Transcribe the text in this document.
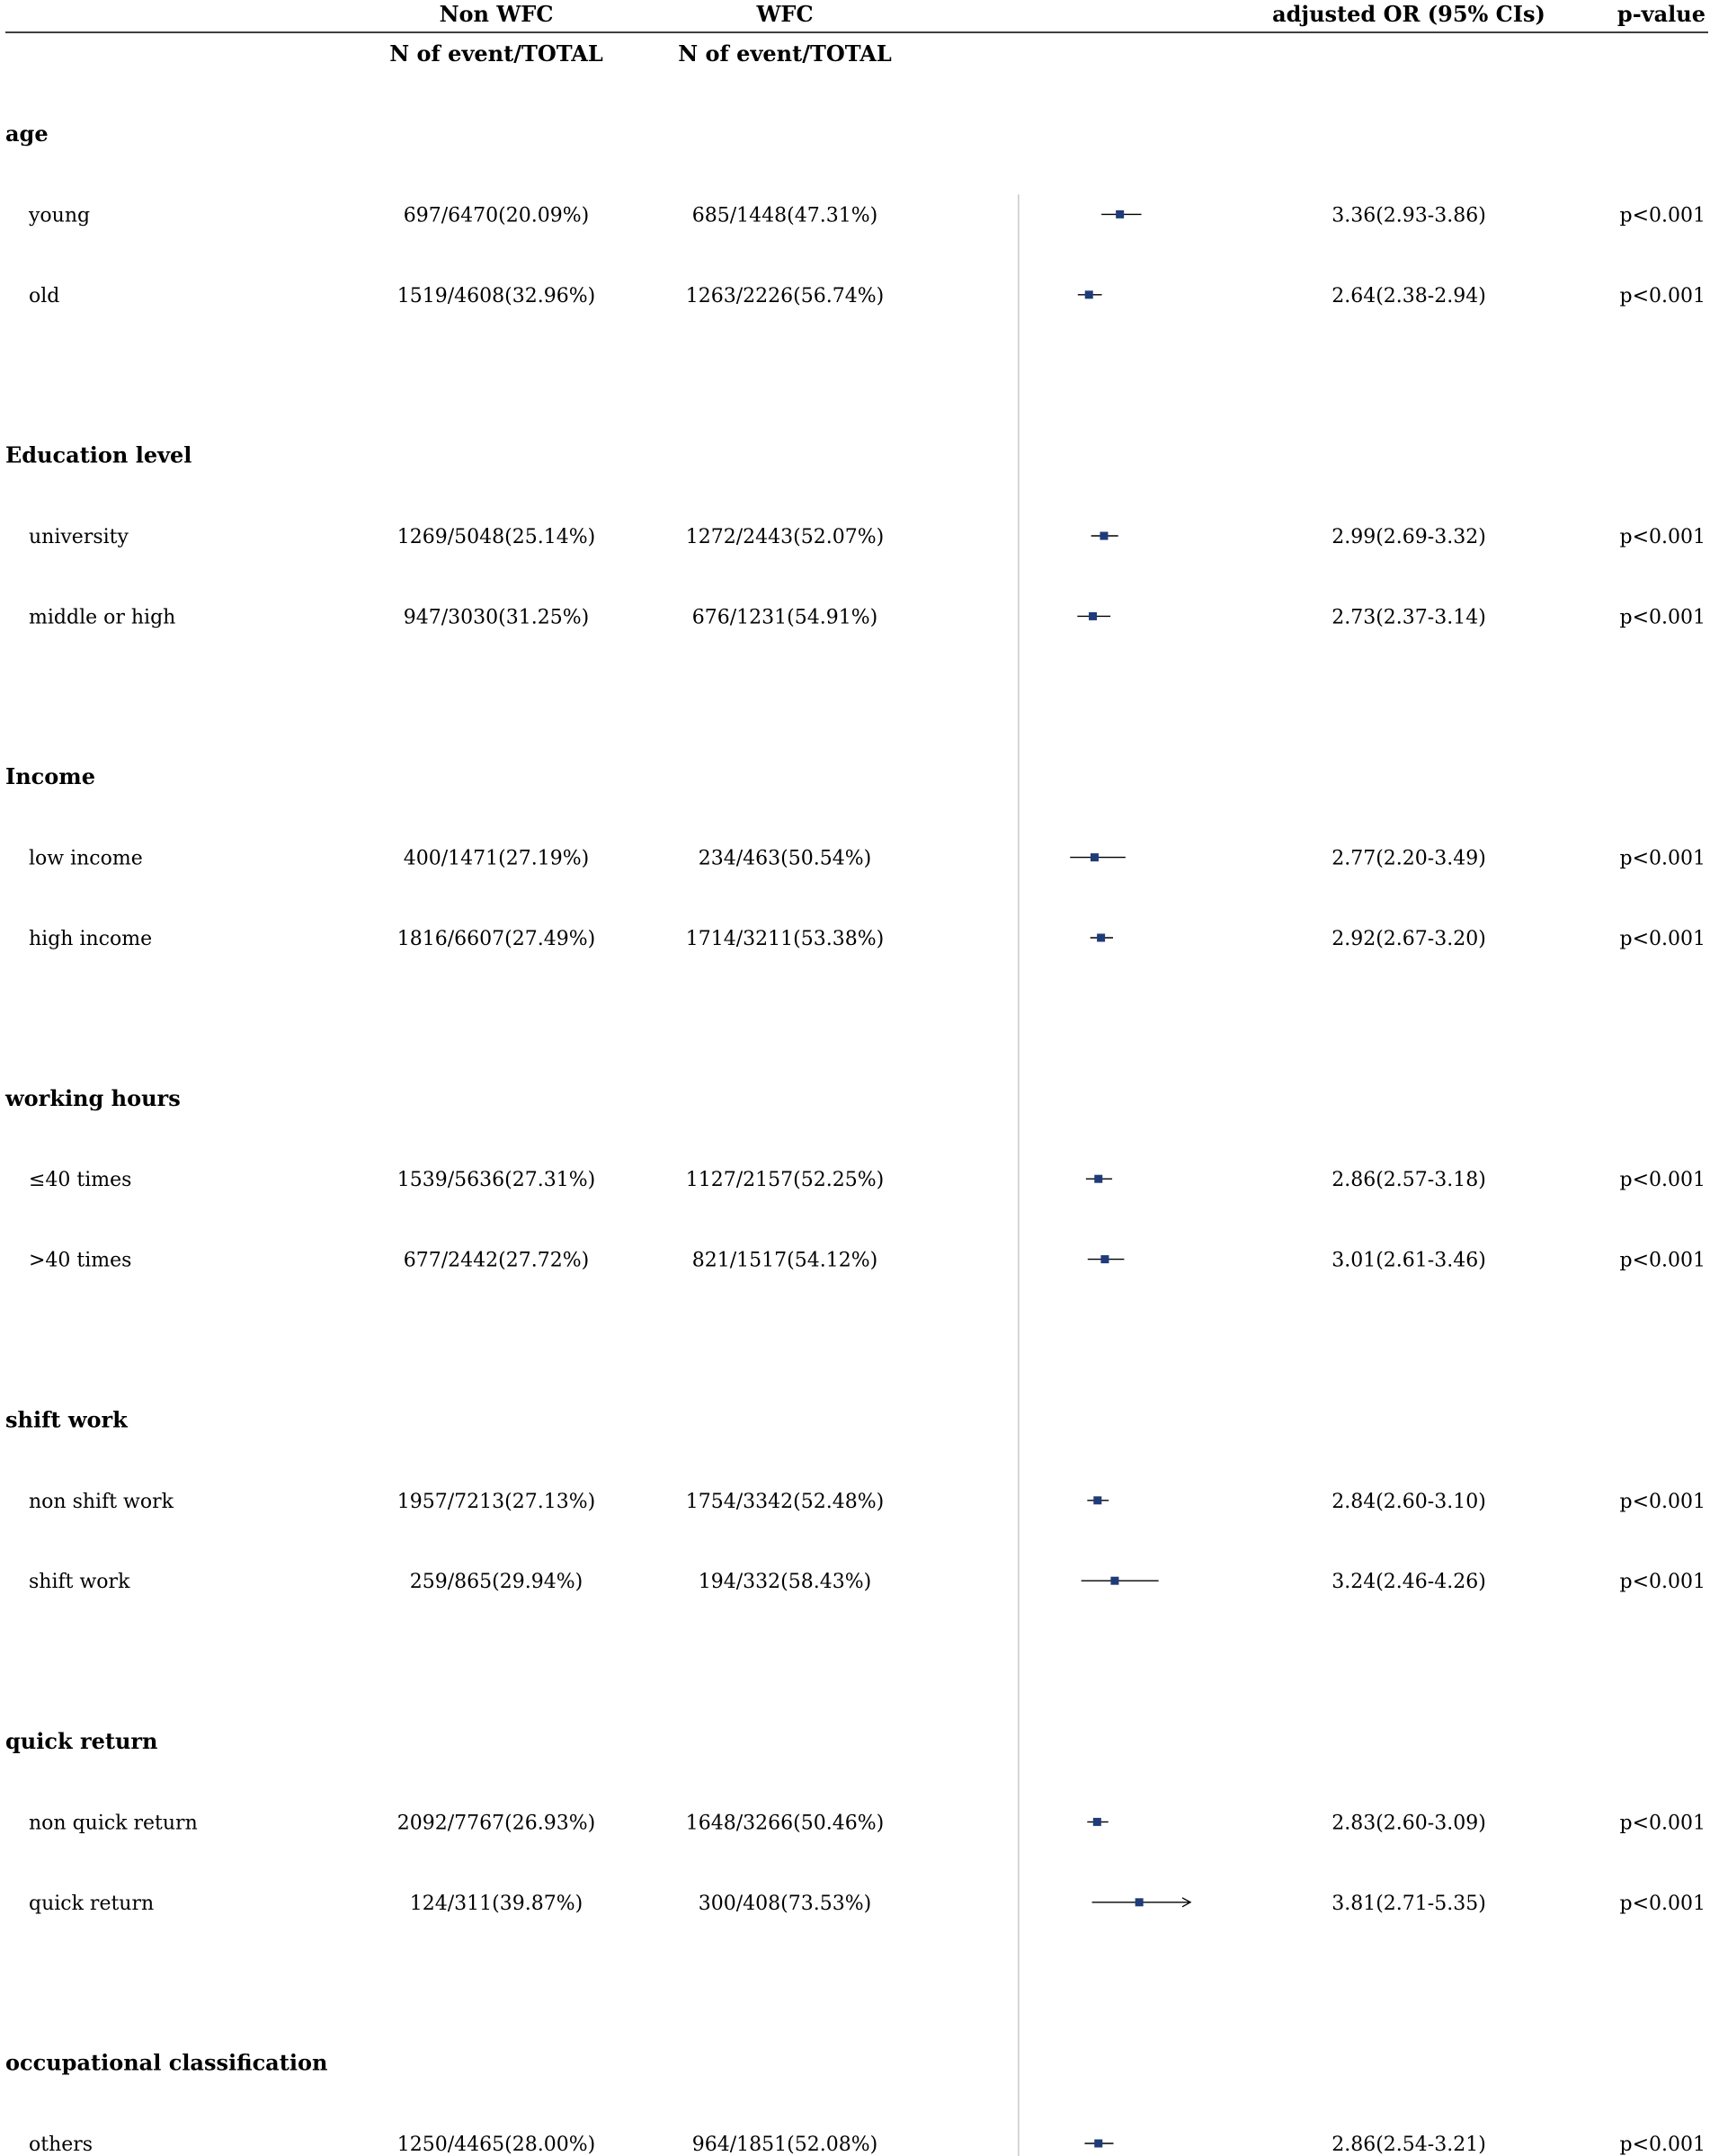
Non WFC	WFC	adjusted OR (95% CIs)	p-value
N of event/TOTAL	N of event/TOTAL
age
young	697/6470(20.09%)	685/1448(47.31%)	3.36(2.93-3.86)	p<0.001
old	1519/4608(32.96%)	1263/2226(56.74%)	2.64(2.38-2.94)	p<0.001
Education level
university	1269/5048(25.14%)	1272/2443(52.07%)	2.99(2.69-3.32)	p<0.001
middle or high	947/3030(31.25%)	676/1231(54.91%)	2.73(2.37-3.14)	p<0.001
Income
low income	400/1471(27.19%)	234/463(50.54%)	2.77(2.20-3.49)	p<0.001
high income	1816/6607(27.49%)	1714/3211(53.38%)	2.92(2.67-3.20)	p<0.001
working hours
≤40 times	1539/5636(27.31%)	1127/2157(52.25%)	2.86(2.57-3.18)	p<0.001
>40 times	677/2442(27.72%)	821/1517(54.12%)	3.01(2.61-3.46)	p<0.001
shift work
non shift work	1957/7213(27.13%)	1754/3342(52.48%)	2.84(2.60-3.10)	p<0.001
shift work	259/865(29.94%)	194/332(58.43%)	3.24(2.46-4.26)	p<0.001
quick return
non quick return	2092/7767(26.93%)	1648/3266(50.46%)	2.83(2.60-3.09)	p<0.001
quick return	124/311(39.87%)	300/408(73.53%)	3.81(2.71-5.35)	p<0.001
occupational classification
others	1250/4465(28.00%)	964/1851(52.08%)	2.86(2.54-3.21)	p<0.001
